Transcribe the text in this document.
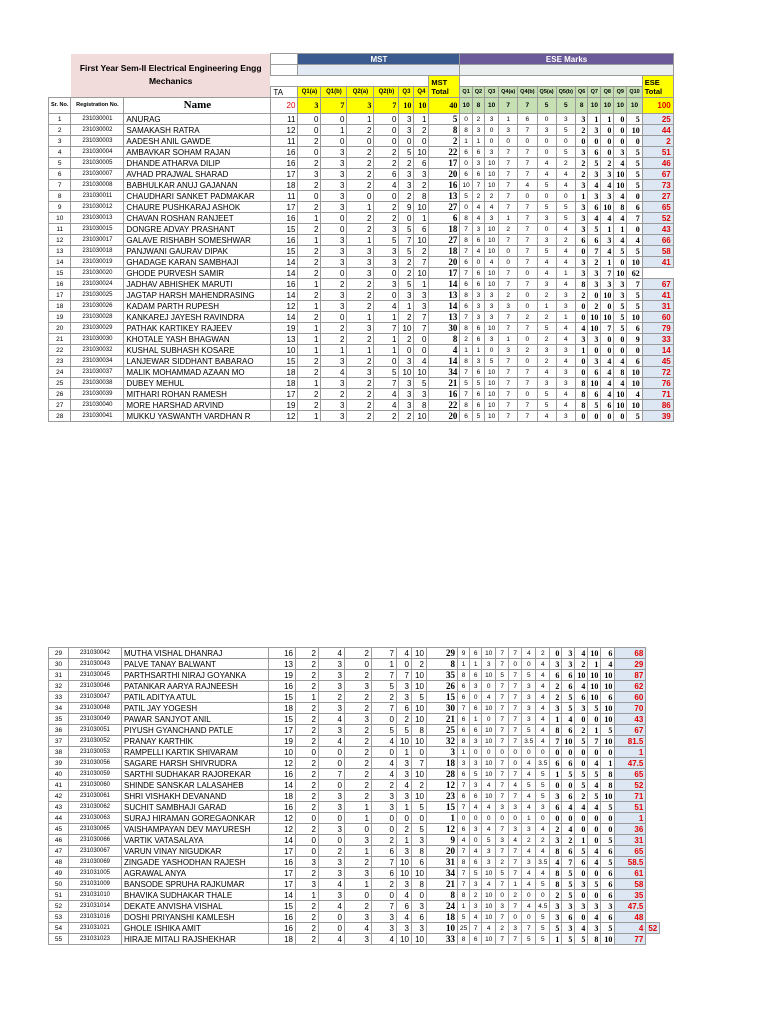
	First Year Sem-II Electrical Engineering Engg Mechanics			MST							ESE Marks												

										MST Total													ESE Total
			TA	Q1(a)	Q1(b)	Q2(a)	Q2(b)	Q3	Q4		Q1	Q2	Q3	Q4(a)	Q4(b)	Q5(a)	Q5(b)	Q6	Q7	Q8	Q9	Q10	
Sr. No.	Registration No.	Name	20	3	7	3	7	10	10	40	10	8	10	7	7	5	5	8	10	10	10	10	100
1	231030001	ANURAG	11	0	0	1	0	3	1	5	0	2	3	1	6	0	3	3	1	1	0	5	25
2	231030002	SAMAKASH RATRA	12	0	1	2	0	3	2	8	8	3	0	3	7	3	5	2	3	0	0	10	44
3	231030003	AADESH ANIL GAWDE	11	2	0	0	0	0	0	2	1	1	0	0	0	0	0	0	0	0	0	0	2
4	231030004	AMBAVKAR SOHAM RAJAN	16	0	3	2	2	5	10	22	6	6	3	7	7	0	5	3	6	0	3	5	51
5	231030005	DHANDE ATHARVA DILIP	16	2	3	2	2	2	6	17	0	3	10	7	7	4	2	2	5	2	4	5	46
6	231030007	AVHAD PRAJWAL SHARAD	17	3	3	2	6	3	3	20	6	6	10	7	7	4	4	2	3	3	10	5	67
7	231030008	BABHULKAR ANUJ GAJANAN	18	2	3	2	4	3	2	16	10	7	10	7	4	5	4	3	4	4	10	5	73
8	231030011	CHAUDHARI SANKET PADMAKAR	11	0	3	0	0	2	8	13	5	2	2	7	0	0	0	1	3	3	4	0	27
9	231030012	CHAURE PUSHKARAJ ASHOK	17	2	3	1	2	9	10	27	0	4	4	7	7	5	5	3	6	10	8	6	65
10	231030013	CHAVAN ROSHAN RANJEET	16	1	0	2	2	0	1	6	8	4	3	1	7	3	5	3	4	4	4	7	52
11	231030015	DONGRE ADVAY PRASHANT	15	2	0	2	3	5	6	18	7	3	10	2	7	0	4	3	5	1	1	0	43
12	231030017	GALAVE RISHABH SOMESHWAR	16	1	3	1	5	7	10	27	8	6	10	7	7	3	2	6	6	3	4	4	66
13	231030018	PANJWANI GAURAV DIPAK	15	2	3	3	3	5	2	18	7	4	10	0	7	5	4	0	7	4	5	5	58
14	231030019	GHADAGE KARAN SAMBHAJI	14	2	3	3	3	2	7	20	6	0	4	0	7	4	4	3	2	1	0	10	41
15	231030020	GHODE PURVESH SAMIR	14	2	0	3	0	2	10	17	7	6	10	7	0	4	1	3	3	7	10	62	
16	231030024	JADHAV ABHISHEK MARUTI	16	1	2	2	3	5	1	14	6	6	10	7	7	3	4	8	3	3	3	7	67
17	231030025	JAGTAP HARSH MAHENDRASING	14	2	3	2	0	3	3	13	8	3	3	2	0	2	3	2	0	10	3	5	41
18	231030026	KADAM PARTH RUPESH	12	1	3	2	4	1	3	14	6	3	3	3	0	1	3	0	2	0	5	5	31
19	231030028	KANKAREJ JAYESH RAVINDRA	14	2	0	1	1	2	7	13	7	3	3	7	2	2	1	0	10	10	5	10	60
20	231030029	PATHAK KARTIKEY RAJEEV	19	1	2	3	7	10	7	30	8	6	10	7	7	5	4	4	10	7	5	6	79
21	231030030	KHOTALE YASH BHAGWAN	13	1	2	2	1	2	0	8	2	6	3	1	0	2	4	3	3	0	0	9	33
22	231030032	KUSHAL SUBHASH KOSARE	10	1	1	1	1	0	0	4	1	1	0	3	2	3	3	1	0	0	0	0	14
23	231030034	LANJEWAR SIDDHANT BABARAO	15	2	3	2	0	3	4	14	8	3	5	7	0	2	4	0	3	4	4	6	45
24	231030037	MALIK MOHAMMAD AZAAN MO	18	2	4	3	5	10	10	34	7	6	10	7	7	4	3	0	6	4	8	10	72
25	231030038	DUBEY MEHUL	18	1	3	2	7	3	5	21	5	5	10	7	7	3	3	8	10	4	4	10	76
26	231030039	MITHARI ROHAN RAMESH	17	2	2	2	4	3	3	16	7	6	10	7	0	5	4	8	6	4	10	4	71
27	231030040	MORE HARSHAD ARVIND	19	2	3	2	4	3	8	22	8	6	10	7	7	5	4	8	5	6	10	10	86
28	231030041	MUKKU YASWANTH VARDHAN R	12	1	3	2	2	2	10	20	6	5	10	7	7	4	3	0	0	0	0	5	39
29	231030042	MUTHA VISHAL DHANRAJ	16	2	4	2	7	4	10	29	9	6	10	7	7	4	2	0	3	4	10	6	68	
30	231030043	PALVE TANAY BALWANT	13	2	3	0	1	0	2	8	1	1	3	7	0	0	4	3	3	2	1	4	29	
31	231030045	PARTHSARTHI NIRAJ GOYANKA	19	2	3	2	7	7	10	35	8	6	10	5	7	5	4	6	6	10	10	10	87	
32	231030046	PATANKAR AARYA RAJNEESH	16	2	3	3	5	3	10	26	6	3	0	7	7	3	4	2	6	4	10	10	62	
33	231030047	PATIL ADITYA ATUL	15	1	2	2	2	3	5	15	6	0	4	7	7	3	4	2	5	6	10	6	60	
34	231030048	PATIL JAY YOGESH	18	2	3	2	7	6	10	30	7	6	10	7	7	3	4	3	5	3	5	10	70	
35	231030049	PAWAR SANJYOT ANIL	15	2	4	3	0	2	10	21	6	1	0	7	7	3	4	1	4	0	0	10	43	
36	231030051	PIYUSH GYANCHAND PATLE	17	2	3	2	5	5	8	25	6	6	10	7	7	5	4	8	6	2	1	5	67	
37	231030052	PRANAY KARTHIK	19	2	4	2	4	10	10	32	8	3	10	7	7	3.5	4	7	10	5	7	10	81.5	
38	231030053	RAMPELLI KARTIK SHIVARAM	10	0	0	2	0	1	0	3	1	0	0	0	0	0	0	0	0	0	0	0	1	
39	231030056	SAGARE HARSH SHIVRUDRA	12	2	0	2	4	3	7	18	3	3	10	7	0	4	3.5	6	6	0	4	1	47.5	
40	231030059	SARTHI SUDHAKAR RAJOREKAR	16	2	7	2	4	3	10	28	6	5	10	7	7	4	5	1	5	5	5	8	65	
41	231030060	SHINDE SANSKAR LALASAHEB	14	2	0	2	2	4	2	12	7	3	4	7	4	5	5	0	0	5	4	8	52	
42	231030061	SHRI VISHAKH DEVANAND	18	2	3	2	3	3	10	23	6	6	10	7	7	4	5	3	6	2	5	10	71	
43	231030062	SUCHIT SAMBHAJI GARAD	16	2	3	1	3	1	5	15	7	4	4	3	3	4	3	6	4	4	4	5	51	
44	231030063	SURAJ HIRAMAN GOREGAONKAR	12	0	0	1	0	0	0	1	0	0	0	0	0	1	0	0	0	0	0	0	1	
45	231030065	VAISHAMPAYAN DEV MAYURESH	12	2	3	0	0	2	5	12	6	3	4	7	3	3	4	2	4	0	0	0	36	
46	231030066	VARTIK VATASALAYA	14	0	0	3	2	1	3	9	4	0	5	3	4	2	2	3	2	1	0	5	31	
47	231030067	VARUN VINAY NIGUDKAR	17	0	2	1	6	3	8	20	7	4	3	7	7	4	4	8	6	5	4	6	65	
48	231030069	ZINGADE YASHODHAN RAJESH	16	3	3	2	7	10	6	31	8	6	3	2	7	3	3.5	4	7	6	4	5	58.5	
49	231031005	AGRAWAL ANYA	17	2	3	3	6	10	10	34	7	5	10	5	7	4	4	8	5	0	0	6	61	
50	231031009	BANSODE SPRUHA RAJKUMAR	17	3	4	1	2	3	8	21	7	3	4	7	1	4	5	8	5	3	5	6	58	
51	231031010	BHAVIKA SUDHAKAR THALE	14	1	3	0	0	4	0	8	8	2	10	0	2	0	0	2	5	0	0	6	35	
52	231031014	DEKATE ANVISHA VISHAL	15	2	4	2	7	6	3	24	1	3	10	3	7	4	4.5	3	3	3	3	3	47.5	
53	231031016	DOSHI PRIYANSHI KAMLESH	16	2	0	3	3	4	6	18	5	4	10	7	0	0	5	3	6	0	4	6	48	
54	231031021	GHOLE ISHIKA AMIT	16	2	0	4	3	3	3	10	25	7	4	2	3	7	5	5	3	4	3	5	4	52
55	231031023	HIRAJE MITALI RAJSHEKHAR	18	2	4	3	4	10	10	33	8	6	10	7	7	5	5	1	5	5	8	10	77	
